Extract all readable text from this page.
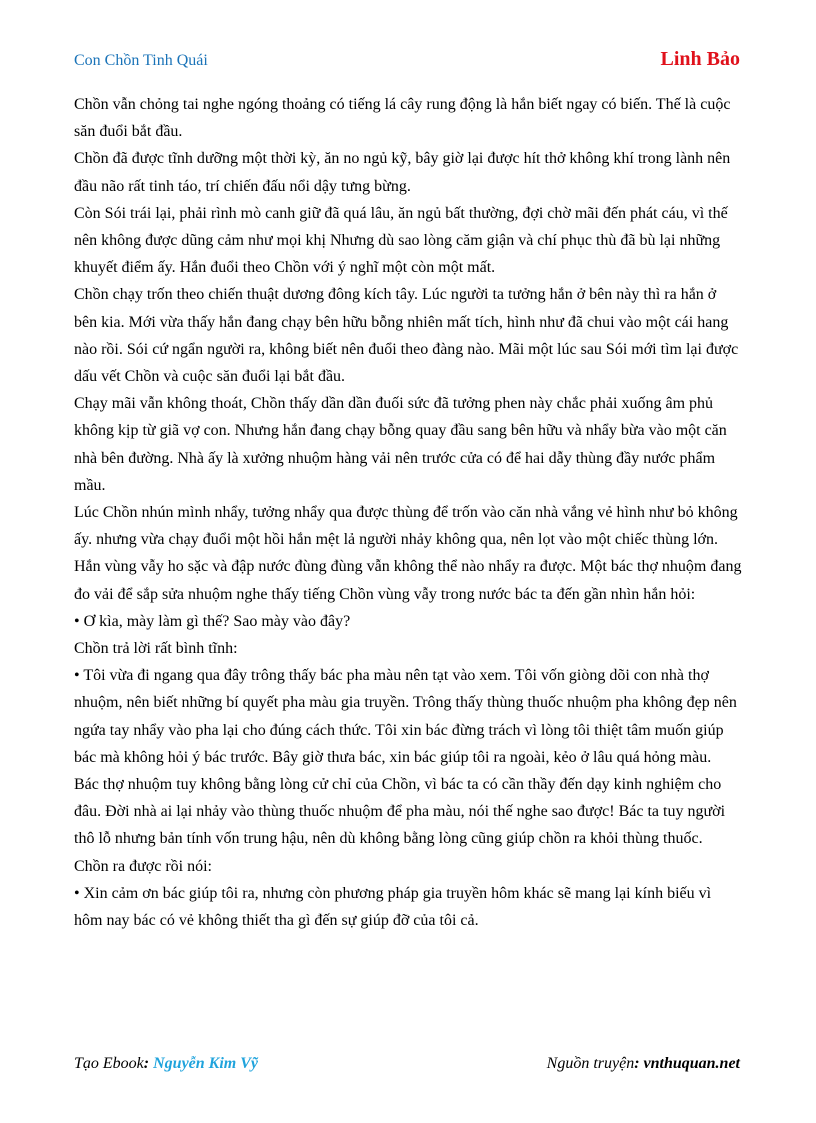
Con Chồn Tinh Quái	Linh Bảo

Chồn vẫn chỏng tai nghe ngóng thoảng có tiếng lá cây rung động là hắn biết ngay có biến. Thế là cuộc săn đuổi bắt đầu.

Chồn đã được tĩnh dưỡng một thời kỳ, ăn no ngủ kỹ, bây giờ lại được hít thở không khí trong lành nên đầu não rất tinh táo, trí chiến đấu nổi dậy tưng bừng.

Còn Sói trái lại, phải rình mò canh giữ đã quá lâu, ăn ngủ bất thường, đợi chờ mãi đến phát cáu, vì thế nên không được dũng cảm như mọi khị Nhưng dù sao lòng căm giận và chí phục thù đã bù lại những khuyết điểm ấy. Hắn đuổi theo Chồn với ý nghĩ một còn một mất.

Chồn chạy trốn theo chiến thuật dương đông kích tây. Lúc người ta tưởng hắn ở bên này thì ra hắn ở bên kia. Mới vừa thấy hắn đang chạy bên hữu bỗng nhiên mất tích, hình như đã chui vào một cái hang nào rồi. Sói cứ ngẩn người ra, không biết nên đuổi theo đàng nào. Mãi một lúc sau Sói mới tìm lại được dấu vết Chồn và cuộc săn đuổi lại bắt đầu.

Chạy mãi vẫn không thoát, Chồn thấy dần dần đuối sức đã tưởng phen này chắc phải xuống âm phủ không kịp từ giã vợ con. Nhưng hắn đang chạy bỗng quay đầu sang bên hữu và nhẩy bừa vào một căn nhà bên đường. Nhà ấy là xưởng nhuộm hàng vải nên trước cửa có để hai dẫy thùng đầy nước phẩm mầu.

Lúc Chồn nhún mình nhẩy, tưởng nhẩy qua được thùng để trốn vào căn nhà vắng vẻ hình như bỏ không ấy. nhưng vừa chạy đuổi một hồi hắn mệt lả người nhảy không qua, nên lọt vào một chiếc thùng lớn. Hắn vùng vẫy ho sặc và đập nước đùng đùng vẫn không thể nào nhẩy ra được. Một bác thợ nhuộm đang đo vải để sắp sửa nhuộm nghe thấy tiếng Chồn vùng vẫy trong nước bác ta đến gần nhìn hắn hỏi:

• Ơ kìa, mày làm gì thế? Sao mày vào đây?

Chồn trả lời rất bình tĩnh:

• Tôi vừa đi ngang qua đây trông thấy bác pha màu nên tạt vào xem. Tôi vốn giòng dõi con nhà thợ nhuộm, nên biết những bí quyết pha màu gia truyền. Trông thấy thùng thuốc nhuộm pha không đẹp nên ngứa tay nhẩy vào pha lại cho đúng cách thức. Tôi xin bác đừng trách vì lòng tôi thiệt tâm muốn giúp bác mà không hỏi ý bác trước. Bây giờ thưa bác, xin bác giúp tôi ra ngoài, kẻo ở lâu quá hỏng màu.

Bác thợ nhuộm tuy không bằng lòng cử chỉ của Chồn, vì bác ta có cần thầy đến dạy kinh nghiệm cho đâu. Đời nhà ai lại nhảy vào thùng thuốc nhuộm để pha màu, nói thế nghe sao được! Bác ta tuy người thô lỗ nhưng bản tính vốn trung hậu, nên dù không bằng lòng cũng giúp chồn ra khỏi thùng thuốc.

Chồn ra được rồi nói:

• Xin cảm ơn bác giúp tôi ra, nhưng còn phương pháp gia truyền hôm khác sẽ mang lại kính biếu vì hôm nay bác có vẻ không thiết tha gì đến sự giúp đỡ của tôi cả.

Tạo Ebook: Nguyễn Kim Vỹ	Nguồn truyện: vnthuquan.net
